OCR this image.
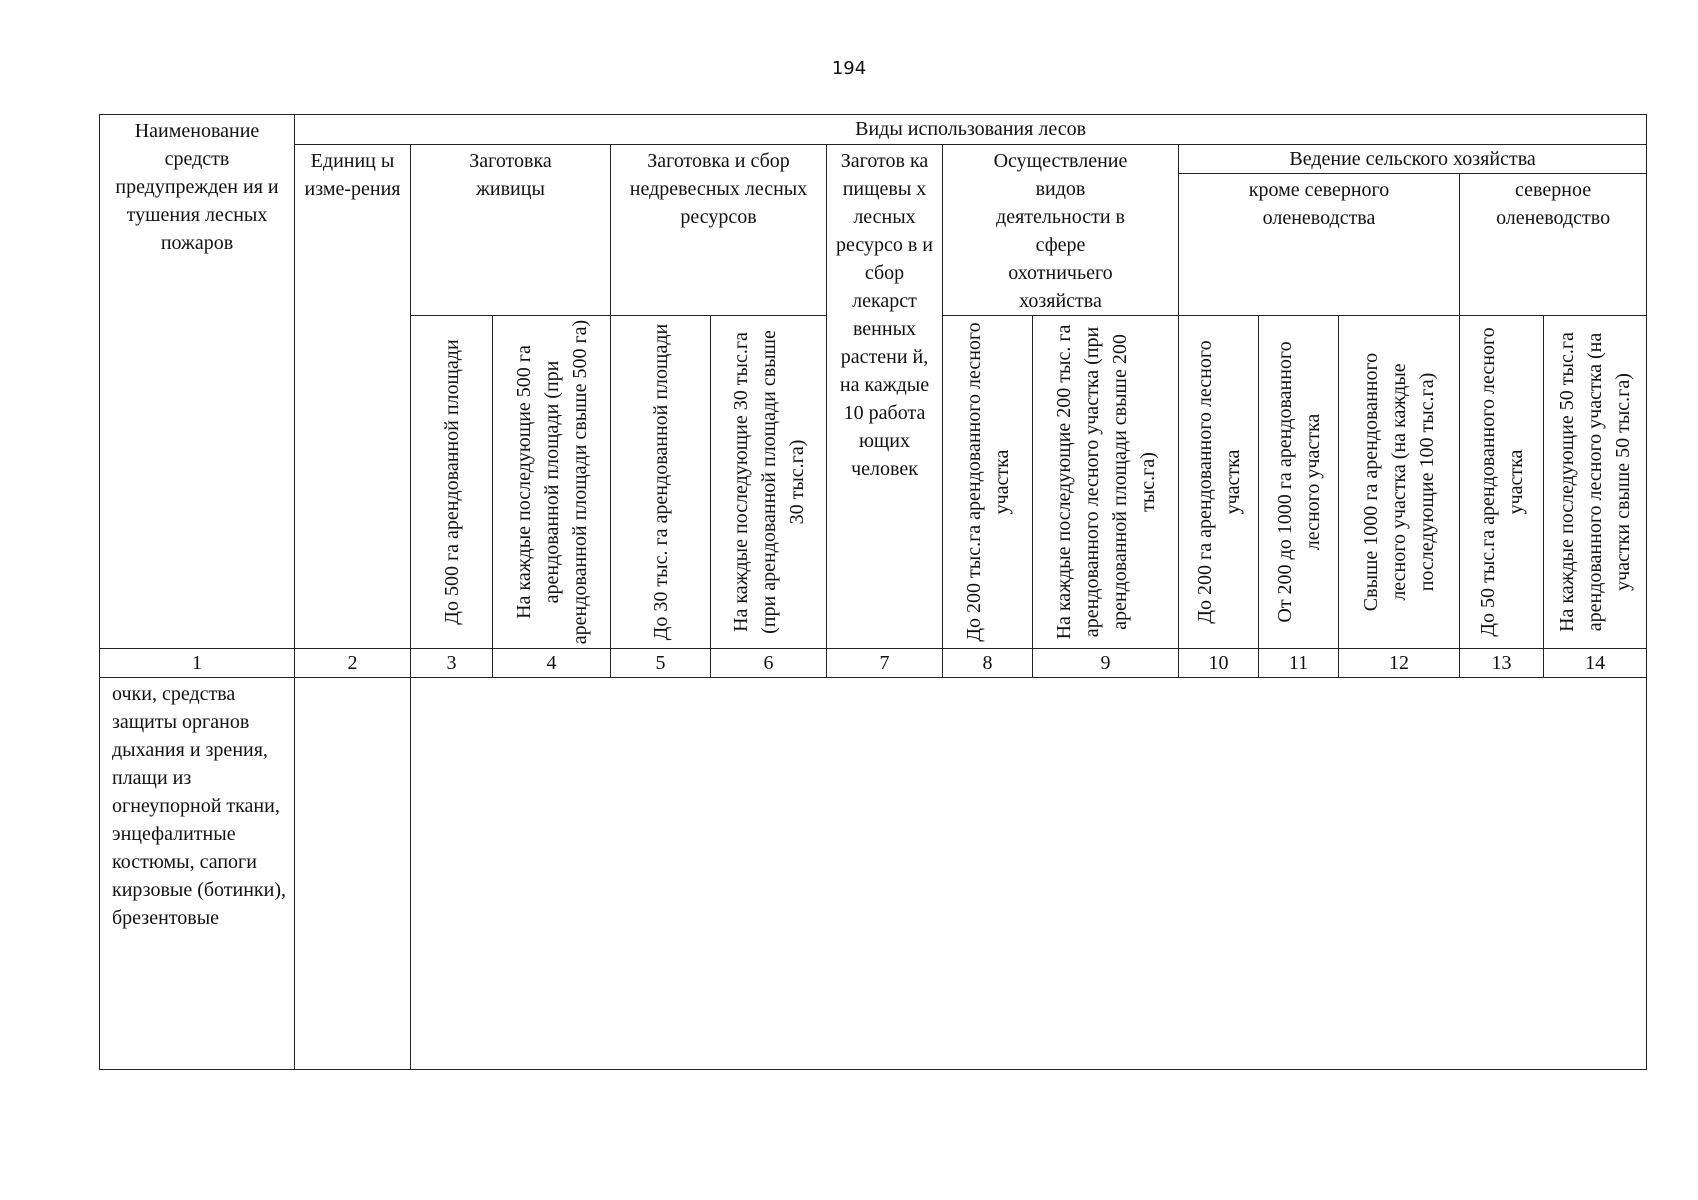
194
Наименование средств предупрежден ия и тушения лесных пожаров	Виды использования лесов												

	Единиц ы изме-рения	Заготовка живицы		Заготовка и сбор недревесных лесных ресурсов		Заготов ка пищевы х лесных ресурсо в и сбор лекарст венных растени й, на каждые 10 работа ющих человек	Осуществление видов деятельности в сфере охотничьего хозяйства		Ведение сельского хозяйства				

									кроме северного оленеводства			северное оленеводство	

		До 500 га арендованной площади	На каждые последующие 500 га арендованной площади (при арендованной площади свыше 500 га)	До 30 тыс. га арендованной площади	На каждые последующие 30 тыс.га (при арендованной площади свыше 30 тыс.га)		До 200 тыс.га арендованного лесного участка	На каждые последующие 200 тыс. га арендованного лесного участка (при арендованной площади свыше 200 тыс.га)	До 200 га арендованного лесного участка	От 200 до 1000 га арендованного лесного участка	Свыше 1000 га арендованного лесного участка (на каждые последующие 100 тыс.га)	До 50 тыс.га арендованного лесного участка	На каждые последующие 50 тыс.га арендованного лесного участка (на участки свыше 50 тыс.га)

1	2	3	4	5	6	7	8	9	10	11	12	13	14
очки, средства защиты органов дыхания и зрения, плащи из огнеупорной ткани, энцефалитные костюмы, сапоги кирзовые (ботинки), брезентовые													
